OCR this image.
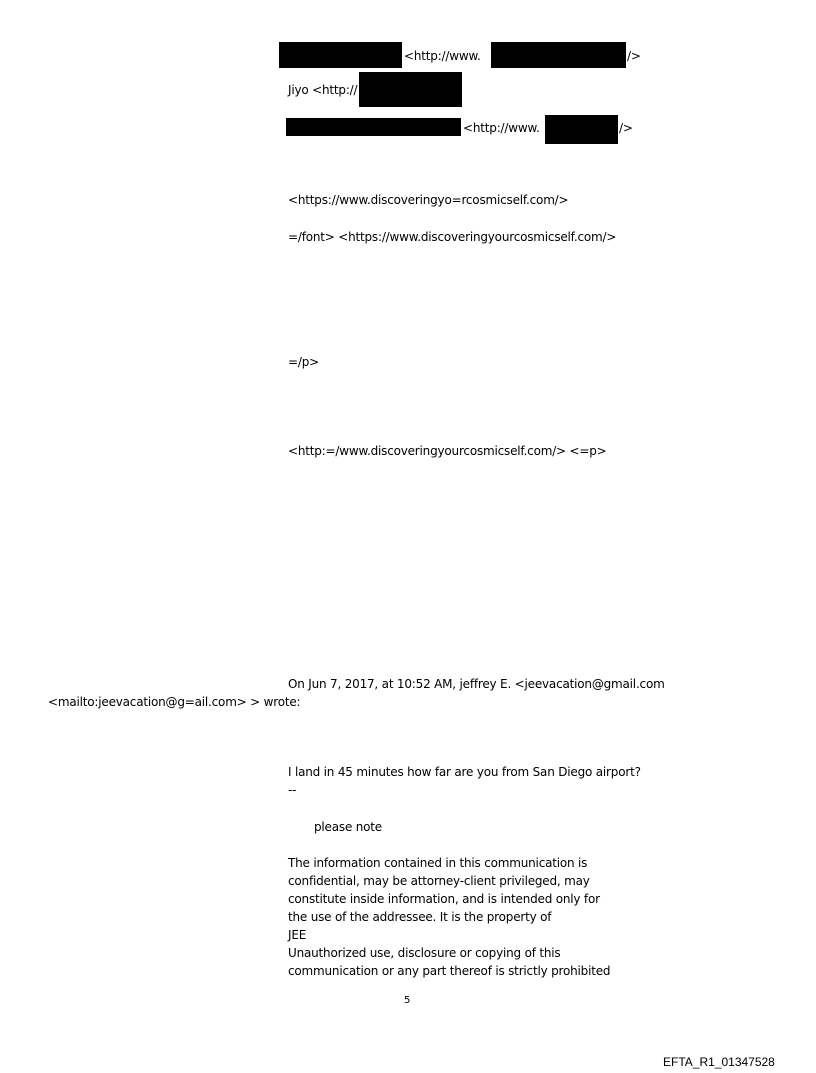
<http://www.	/>
Jiyo <http://
<http://www.	/>
<https://www.discoveringyo=rcosmicself.com/>
=/font> <https://www.discoveringyourcosmicself.com/>
=/p>
<http:=/www.discoveringyourcosmicself.com/> <=p>
On Jun 7, 2017, at 10:52 AM, jeffrey E. <jeevacation@gmail.com
<mailto:jeevacation@g=ail.com> > wrote:
I land in 45 minutes how far are you from San Diego airport?
--
please note
The information contained in this communication is
confidential, may be attorney-client privileged, may
constitute inside information, and is intended only for
the use of the addressee. It is the property of
JEE
Unauthorized use, disclosure or copying of this
communication or any part thereof is strictly prohibited
5
EFTA_R1_01347528
